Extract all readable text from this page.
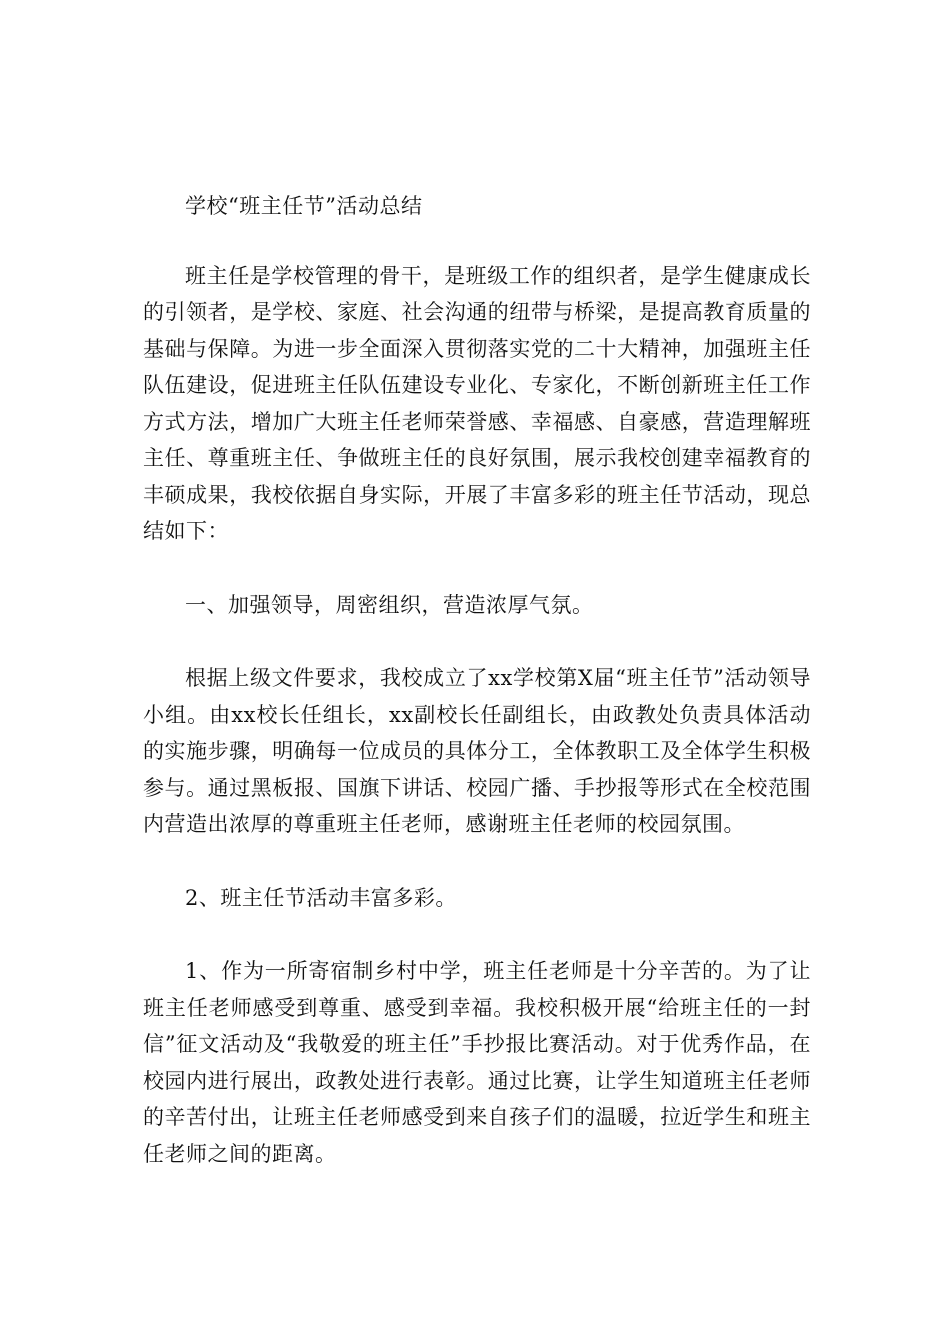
学校“班主任节”活动总结

班主任是学校管理的骨干，是班级工作的组织者，是学生健康成长的引领者，是学校、家庭、社会沟通的纽带与桥梁，是提高教育质量的基础与保障。为进一步全面深入贯彻落实党的二十大精神，加强班主任队伍建设，促进班主任队伍建设专业化、专家化，不断创新班主任工作方式方法，增加广大班主任老师荣誉感、幸福感、自豪感，营造理解班主任、尊重班主任、争做班主任的良好氛围，展示我校创建幸福教育的丰硕成果，我校依据自身实际，开展了丰富多彩的班主任节活动，现总结如下：

一、加强领导，周密组织，营造浓厚气氛。

根据上级文件要求，我校成立了xx学校第X届“班主任节”活动领导小组。由xx校长任组长，xx副校长任副组长，由政教处负责具体活动的实施步骤，明确每一位成员的具体分工，全体教职工及全体学生积极参与。通过黑板报、国旗下讲话、校园广播、手抄报等形式在全校范围内营造出浓厚的尊重班主任老师，感谢班主任老师的校园氛围。

2、班主任节活动丰富多彩。

1、作为一所寄宿制乡村中学，班主任老师是十分辛苦的。为了让班主任老师感受到尊重、感受到幸福。我校积极开展“给班主任的一封信”征文活动及“我敬爱的班主任”手抄报比赛活动。对于优秀作品，在校园内进行展出，政教处进行表彰。通过比赛，让学生知道班主任老师的辛苦付出，让班主任老师感受到来自孩子们的温暖，拉近学生和班主任老师之间的距离。
